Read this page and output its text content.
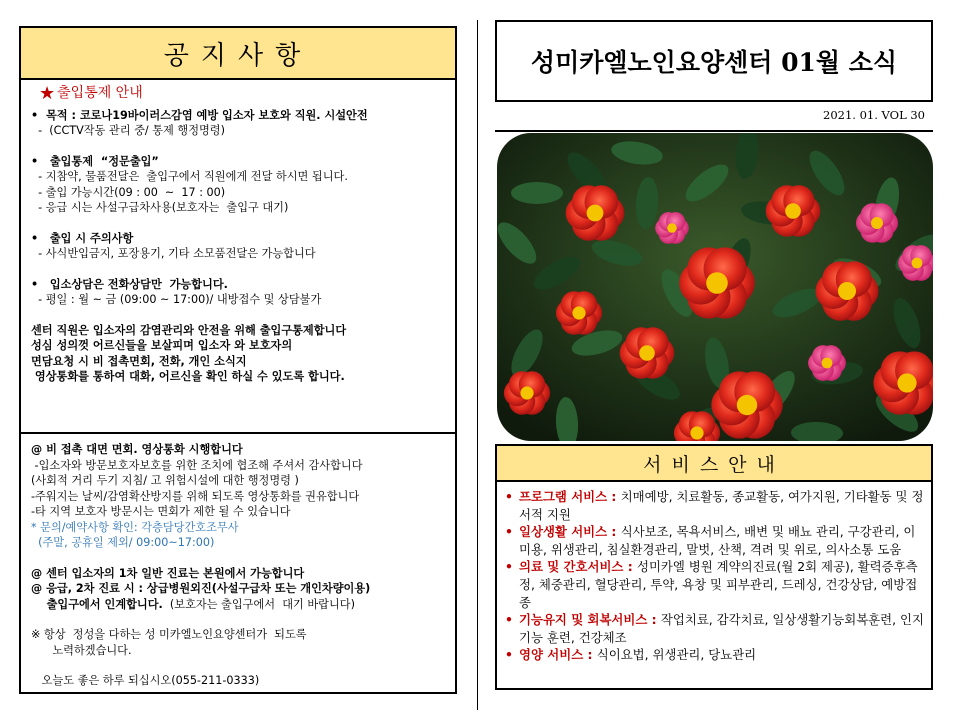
공지사항
★ 출입통제 안내
•  목적 : 코로나19바이러스감염 예방 입소자 보호와 직원. 시설안전
-  (CCTV작동 관리 중/ 통제 행정명령)
•   출입통제  “정문출입”
- 지참약, 물품전달은  출입구에서 직원에게 전달 하시면 됩니다.
- 출입 가능시간(09 : 00  ~  17 : 00)
- 응급 시는 사설구급차사용(보호자는  출입구 대기)
•   출입 시 주의사항
- 사식반입금지, 포장용기, 기타 소모품전달은 가능합니다
•   입소상담은 전화상담만  가능합니다.
- 평일 : 월 ~ 금 (09:00 ~ 17:00)/ 내방접수 및 상담불가
센터 직원은 입소자의 감염관리와 안전을 위해 출입구통제합니다
성심 성의껏 어르신들을 보살피며 입소자 와 보호자의
면담요청 시 비 접촉면회, 전화, 개인 소식지
영상통화를 통하여 대화, 어르신을 확인 하실 수 있도록 합니다.
@ 비 접촉 대면 면회. 영상통화 시행합니다
-입소자와 방문보호자보호를 위한 조치에 협조해 주셔서 감사합니다
(사회적 거리 두기 지침/ 고 위험시설에 대한 행정명령 )
-주워지는 날씨/감염확산방지를 위해 되도록 영상통화를 권유합니다
-타 지역 보호자 방문시는 면회가 제한 될 수 있습니다
* 문의/예약사항 확인: 각층담당간호조무사
(주말, 공휴일 제외/ 09:00~17:00)
@ 센터 입소자의 1차 일반 진료는 본원에서 가능합니다
@ 응급, 2차 진료 시 : 상급병원외진(사설구급차 또는 개인차량이용)
출입구에서 인계합니다.  (보호자는 출입구에서  대기 바랍니다)
※ 항상  정성을 다하는 성 미카엘노인요양센터가  되도록
노력하겠습니다.
오늘도 좋은 하루 되십시오(055-211-0333)
성미카엘노인요양센터 01월 소식
2021. 01. VOL 30
서비스안내
• 프로그램 서비스 : 치매예방, 치료활동, 종교활동, 여가지원, 기타활동 및 정서적 지원
• 일상생활 서비스 : 식사보조, 목욕서비스, 배변 및 배뇨 관리, 구강관리, 이미용, 위생관리, 침실환경관리, 말벗, 산책, 격려 및 위로, 의사소통 도움
• 의료 및 간호서비스 : 성미카엘 병원 계약의진료(월 2회 제공), 활력증후측정, 체중관리, 혈당관리, 투약, 욕창 및 피부관리, 드레싱, 건강상담, 예방접종
• 기능유지 및 회복서비스 : 작업치료, 감각치료, 일상생활기능회복훈련, 인지 기능 훈련, 건강체조
• 영양 서비스 : 식이요법, 위생관리, 당뇨관리
